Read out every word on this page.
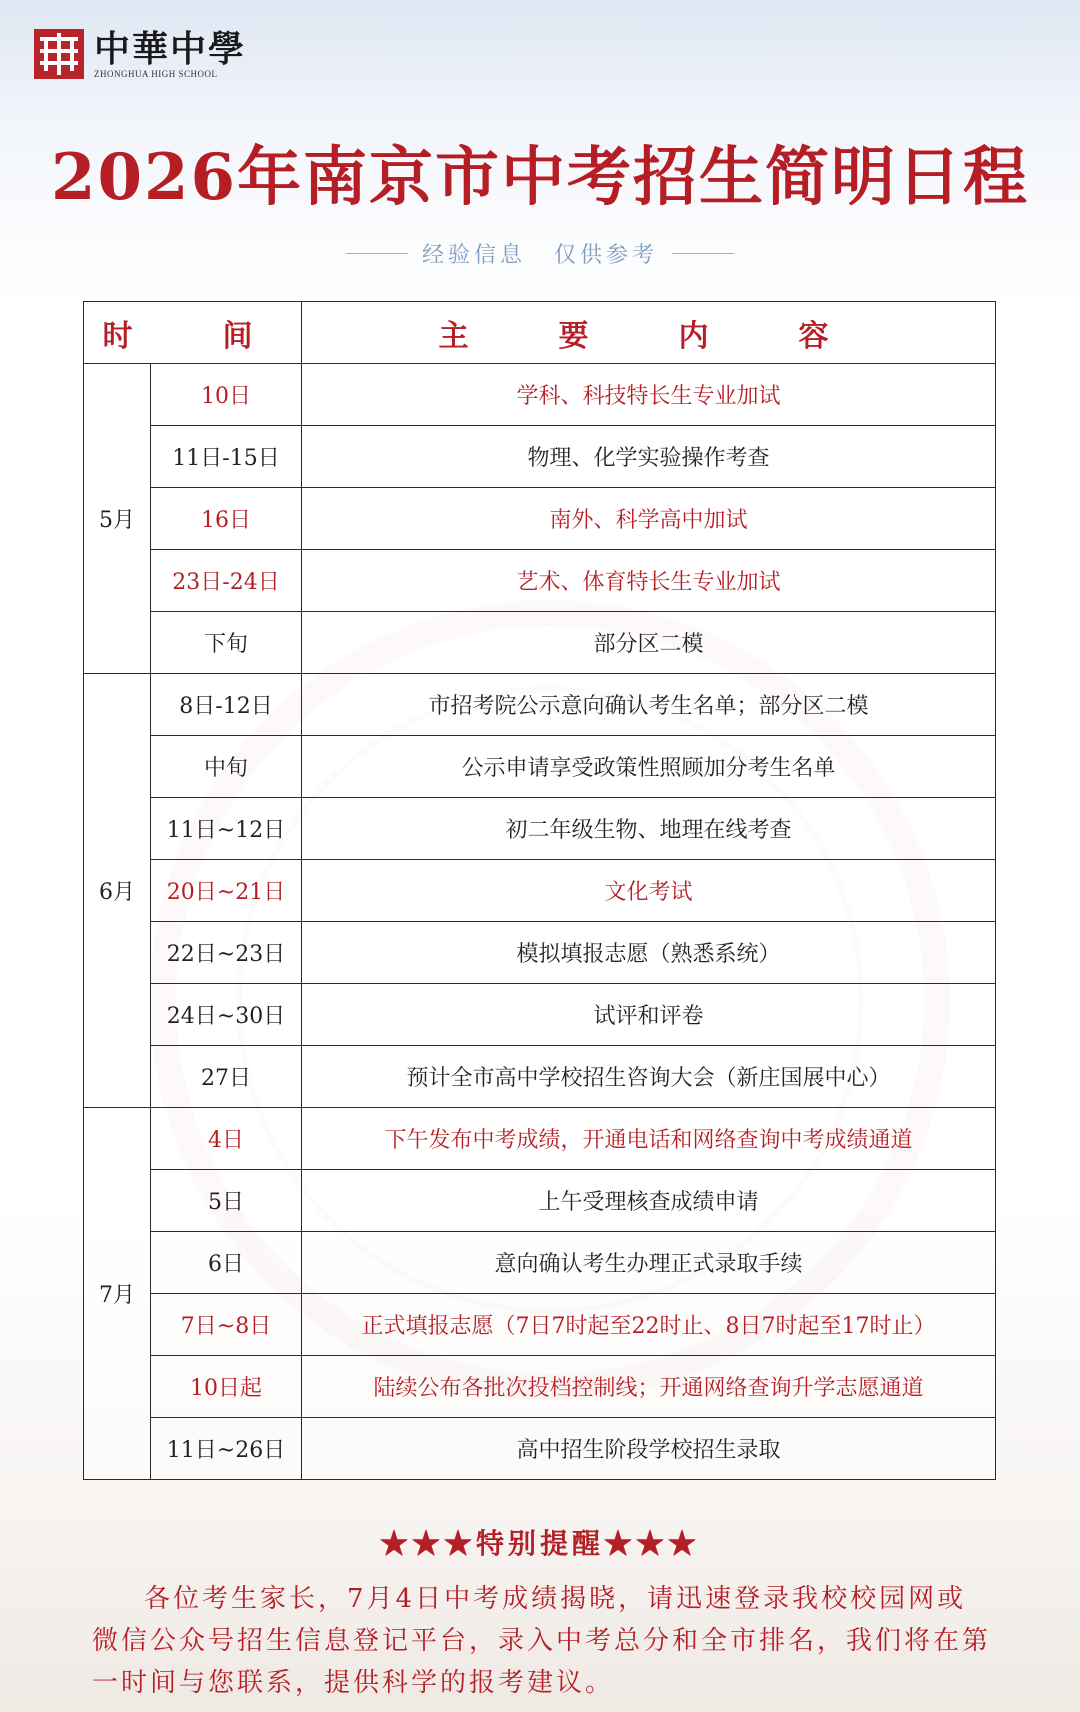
中華中學
ZHONGHUA HIGH SCHOOL
2026年南京市中考招生简明日程
经验信息 仅供参考
时　间		主　要　内　容
5月	10日	学科、科技特长生专业加试
	11日-15日	物理、化学实验操作考查
	16日	南外、科学高中加试
	23日-24日	艺术、体育特长生专业加试
	下旬	部分区二模
6月	8日-12日	市招考院公示意向确认考生名单；部分区二模
	中旬	公示申请享受政策性照顾加分考生名单
	11日~12日	初二年级生物、地理在线考查
	20日~21日	文化考试
	22日~23日	模拟填报志愿（熟悉系统）
	24日~30日	试评和评卷
	27日	预计全市高中学校招生咨询大会（新庄国展中心）
7月	4日	下午发布中考成绩，开通电话和网络查询中考成绩通道
	5日	上午受理核查成绩申请
	6日	意向确认考生办理正式录取手续
	7日~8日	正式填报志愿（7日7时起至22时止、8日7时起至17时止）
	10日起	陆续公布各批次投档控制线；开通网络查询升学志愿通道
	11日~26日	高中招生阶段学校招生录取
★★★特别提醒★★★
各位考生家长，7月4日中考成绩揭晓，请迅速登录我校校园网或微信公众号招生信息登记平台，录入中考总分和全市排名，我们将在第一时间与您联系，提供科学的报考建议。
